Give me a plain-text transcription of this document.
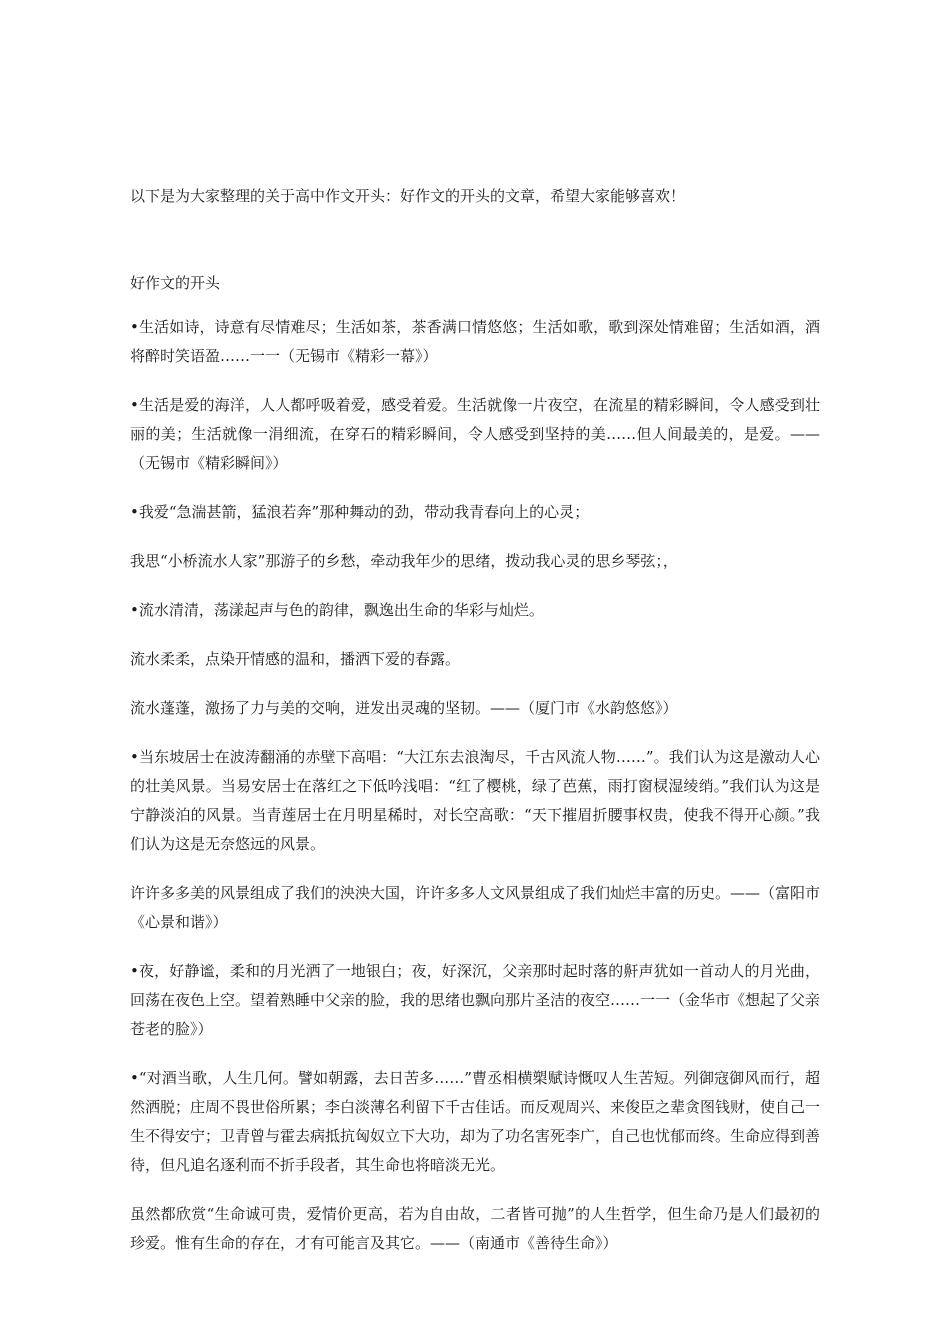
以下是为大家整理的关于高中作文开头：好作文的开头的文章，希望大家能够喜欢！
好作文的开头

•生活如诗，诗意有尽情难尽；生活如茶，茶香满口情悠悠；生活如歌，歌到深处情难留；生活如酒，酒将醉时笑语盈……一一（无锡市《精彩一幕》）

•生活是爱的海洋，人人都呼吸着爱，感受着爱。生活就像一片夜空，在流星的精彩瞬间，令人感受到壮丽的美；生活就像一涓细流，在穿石的精彩瞬间，令人感受到坚持的美……但人间最美的，是爱。——（无锡市《精彩瞬间》）

•我爱“急湍甚箭，猛浪若奔”那种舞动的劲，带动我青春向上的心灵；

我思“小桥流水人家”那游子的乡愁，牵动我年少的思绪，拨动我心灵的思乡琴弦；，

•流水清清，荡漾起声与色的韵律，飘逸出生命的华彩与灿烂。

流水柔柔，点染开情感的温和，播洒下爱的春露。

流水蓬蓬，激扬了力与美的交响，迸发出灵魂的坚韧。——（厦门市《水韵悠悠》）

•当东坡居士在波涛翻涌的赤壁下高唱：“大江东去浪淘尽，千古风流人物……”。我们认为这是激动人心的壮美风景。当易安居士在落红之下低吟浅唱：“红了樱桃，绿了芭蕉，雨打窗棂湿绫绡。”我们认为这是宁静淡泊的风景。当青莲居士在月明星稀时，对长空高歌：“天下摧眉折腰事权贵，使我不得开心颜。”我们认为这是无奈悠远的风景。

许许多多美的风景组成了我们的泱泱大国，许许多多人文风景组成了我们灿烂丰富的历史。——（富阳市《心景和谐》）

•夜，好静谧，柔和的月光洒了一地银白；夜，好深沉，父亲那时起时落的鼾声犹如一首动人的月光曲，回荡在夜色上空。望着熟睡中父亲的脸，我的思绪也飘向那片圣洁的夜空……一一（金华市《想起了父亲苍老的脸》）

•“对酒当歌，人生几何。譬如朝露，去日苦多……”曹丞相横槊赋诗慨叹人生苦短。列御寇御风而行，超然洒脱；庄周不畏世俗所累；李白淡薄名利留下千古佳话。而反观周兴、来俊臣之辈贪图钱财，使自己一生不得安宁；卫青曾与霍去病抵抗匈奴立下大功，却为了功名害死李广，自己也忧郁而终。生命应得到善待，但凡追名逐利而不折手段者，其生命也将暗淡无光。

虽然都欣赏“生命诚可贵，爱情价更高，若为自由故，二者皆可抛”的人生哲学，但生命乃是人们最初的珍爱。惟有生命的存在，才有可能言及其它。——（南通市《善待生命》）
